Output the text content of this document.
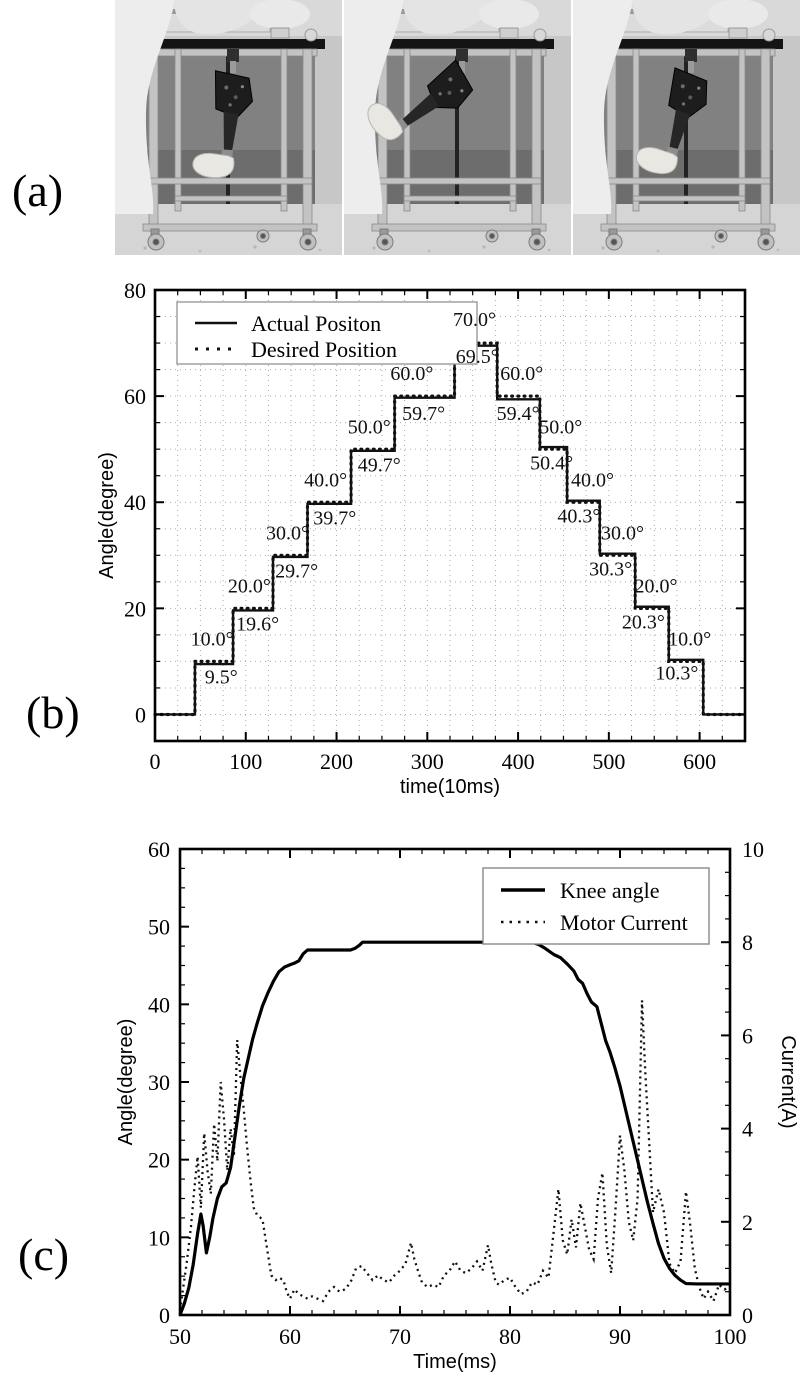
(a)
(b)
(c)
0	100	200	300	400	500	600
0
20
40
60
80
time(10ms)
Angle(degree)
Actual Positon
Desired Position
10.0°
9.5°
20.0°
19.6°
30.0°
29.7°
40.0°
39.7°
50.0°
49.7°
60.0°
59.7°
70.0°
69.5°
60.0°
59.4°
50.0°
50.4°
40.0°
40.3°
30.0°
30.3°
20.0°
20.3°
10.0°
10.3°
50	60	70	80	90	100
0
10
20
30
40
50
60
0
2
4
6
8
10
Time(ms)
Angle(degree)	Current(A)
Knee angle
Motor Current
